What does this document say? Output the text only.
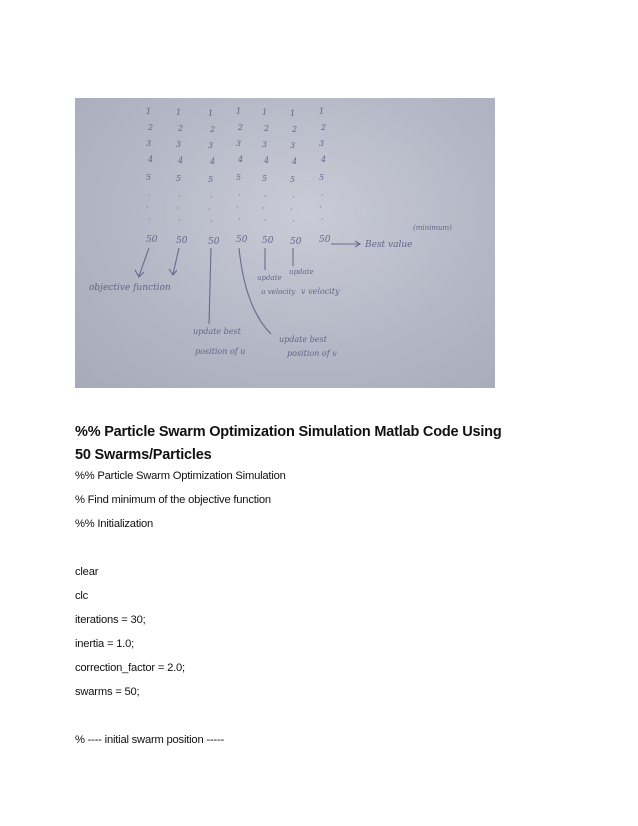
1
2
3
4
5
·
·
·
50
1
2
3
4
5
·
·
·
50
1
2
3
4
5
·
·
·
50
1
2
3
4
5
·
·
·
50
1
2
3
4
5
·
·
·
50
1
2
3
4
5
·
·
·
50
1
2
3
4
5
·
·
·
50	Best value
(minimum)
objective function
update best
position of u
update best
position of v
update
u velocity
update
v velocity
%% Particle Swarm Optimization Simulation Matlab Code Using 50 Swarms/Particles
%% Particle Swarm Optimization Simulation
% Find minimum of the objective function
%% Initialization
clear
clc
iterations = 30;
inertia = 1.0;
correction_factor = 2.0;
swarms = 50;
% ---- initial swarm position -----
